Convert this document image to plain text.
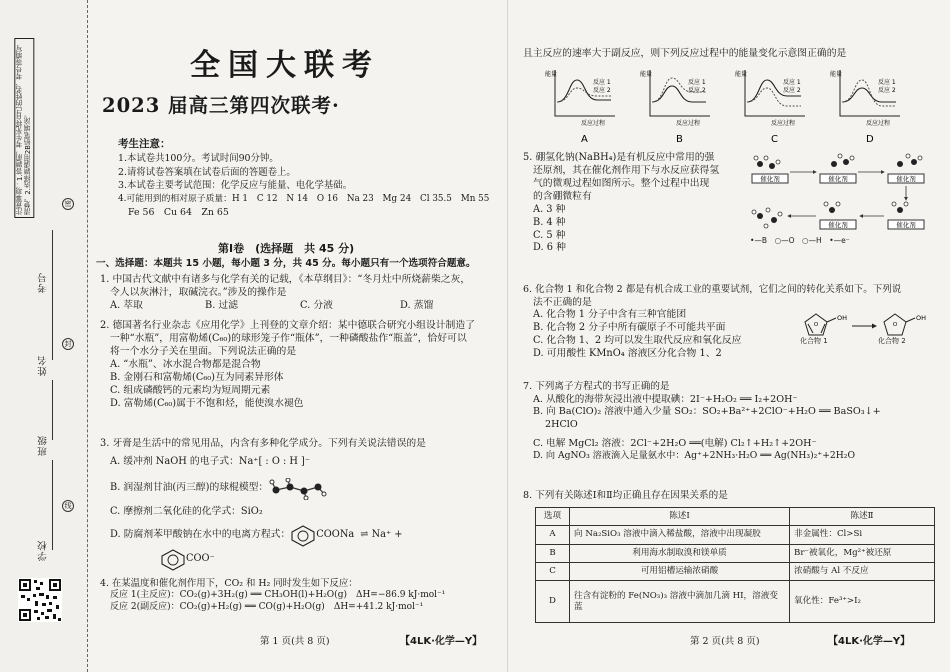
注意事项：1.答题前，考生先将自己的姓名、考号等填写清楚。2.选择题请用2B铅笔填涂。	密
封
线
考号
姓名
班级
学校
全国大联考
2023 届高三第四次联考·
考生注意：
1.本试卷共100分。考试时间90分钟。
2.请将试卷答案填在试卷后面的答题卷上。
3.本试卷主要考试范围：化学反应与能量、电化学基础。
4.可能用到的相对原子质量：H 1　C 12　N 14　O 16　Na 23　Mg 24　Cl 35.5　Mn 55
Fe 56　Cu 64　Zn 65
第Ⅰ卷　(选择题　共 45 分)
一、选择题：本题共 15 小题，每小题 3 分，共 45 分。每小题只有一个选项符合题意。
1. 中国古代文献中有诸多与化学有关的记载，《本草纲目》：“冬月灶中所烧薪柴之灰，
令人以灰淋汁，取碱浣衣。”涉及的操作是
A. 萃取	B. 过滤	C. 分液	D. 蒸馏
2. 德国著名行业杂志《应用化学》上刊登的文章介绍：某中德联合研究小组设计制造了
一种“水瓶”，用富勒烯(C₆₀)的球形笼子作“瓶体”，一种磷酸盐作“瓶盖”，恰好可以
将一个水分子关在里面。下列说法正确的是
A. “水瓶”、冰水混合物都是混合物
B. 金刚石和富勒烯(C₆₀)互为同素异形体
C. 组成磷酸钙的元素均为短周期元素
D. 富勒烯(C₆₀)属于不饱和烃，能使溴水褪色
3. 牙膏是生活中的常见用品，内含有多种化学成分。下列有关说法错误的是
A. 缓冲剂 NaOH 的电子式：Na⁺[ : O : H ]⁻
B. 润湿剂甘油(丙三醇)的球棍模型：
C. 摩擦剂二氧化硅的化学式：SiO₂
D. 防腐剂苯甲酸钠在水中的电离方程式：	COONa ⇌ Na⁺ +
COO⁻
4. 在某温度和催化剂作用下，CO₂ 和 H₂ 同时发生如下反应：
反应 1(主反应)：CO₂(g)+3H₂(g) ══ CH₃OH(l)+H₂O(g)　ΔH=−86.9 kJ·mol⁻¹
反应 2(副反应)：CO₂(g)+H₂(g) ══ CO(g)+H₂O(g)　ΔH=+41.2 kJ·mol⁻¹
第 1 页(共 8 页)	【4LK·化学—Y】
且主反应的速率大于副反应，则下列反应过程中的能量变化示意图正确的是
能量
反应 1
反应 2
反应过程
A
能量
反应 1
反应 2
反应过程
B
能量
反应 1
反应 2
反应过程
C
能量
反应 1
反应 2
反应过程
D
5. 硼氢化钠(NaBH₄)是有机反应中常用的强
还原剂，其在催化剂作用下与水反应获得氢
气的微观过程如图所示。整个过程中出现
的含硼微粒有
A. 3 种
B. 4 种
C. 5 种
D. 6 种
催化剂	催化剂	催化剂
催化剂	催化剂
•—B　○—O　○—H　•—e⁻
6. 化合物 1 和化合物 2 都是有机合成工业的重要试剂，它们之间的转化关系如下。下列说
法不正确的是
A. 化合物 1 分子中含有三种官能团
B. 化合物 2 分子中所有碳原子不可能共平面
C. 化合物 1、2 均可以发生取代反应和氧化反应
D. 可用酸性 KMnO₄ 溶液区分化合物 1、2
OH
O	O
OH
化合物 1	化合物 2
7. 下列离子方程式的书写正确的是
A. 从酸化的海带灰浸出液中提取碘：2I⁻+H₂O₂ ══ I₂+2OH⁻
B. 向 Ba(ClO)₂ 溶液中通入少量 SO₂：SO₂+Ba²⁺+2ClO⁻+H₂O ══ BaSO₃↓+
2HClO
C. 电解 MgCl₂ 溶液：2Cl⁻+2H₂O ══(电解) Cl₂↑+H₂↑+2OH⁻
D. 向 AgNO₃ 溶液滴入足量氨水中：Ag⁺+2NH₃·H₂O ══ Ag(NH₃)₂⁺+2H₂O
8. 下列有关陈述Ⅰ和Ⅱ均正确且存在因果关系的是
选项	陈述Ⅰ	陈述Ⅱ
A	向 Na₂SiO₃ 溶液中滴入稀盐酸，溶液中出现凝胶	非金属性：Cl>Si
B	利用海水制取溴和镁单质	Br⁻被氧化，Mg²⁺被还原
C	可用铝槽运输浓硝酸	浓硝酸与 Al 不反应
D	往含有淀粉的 Fe(NO₃)₃ 溶液中滴加几滴 HI，溶液变蓝	氧化性：Fe³⁺>I₂
第 2 页(共 8 页)	【4LK·化学—Y】
